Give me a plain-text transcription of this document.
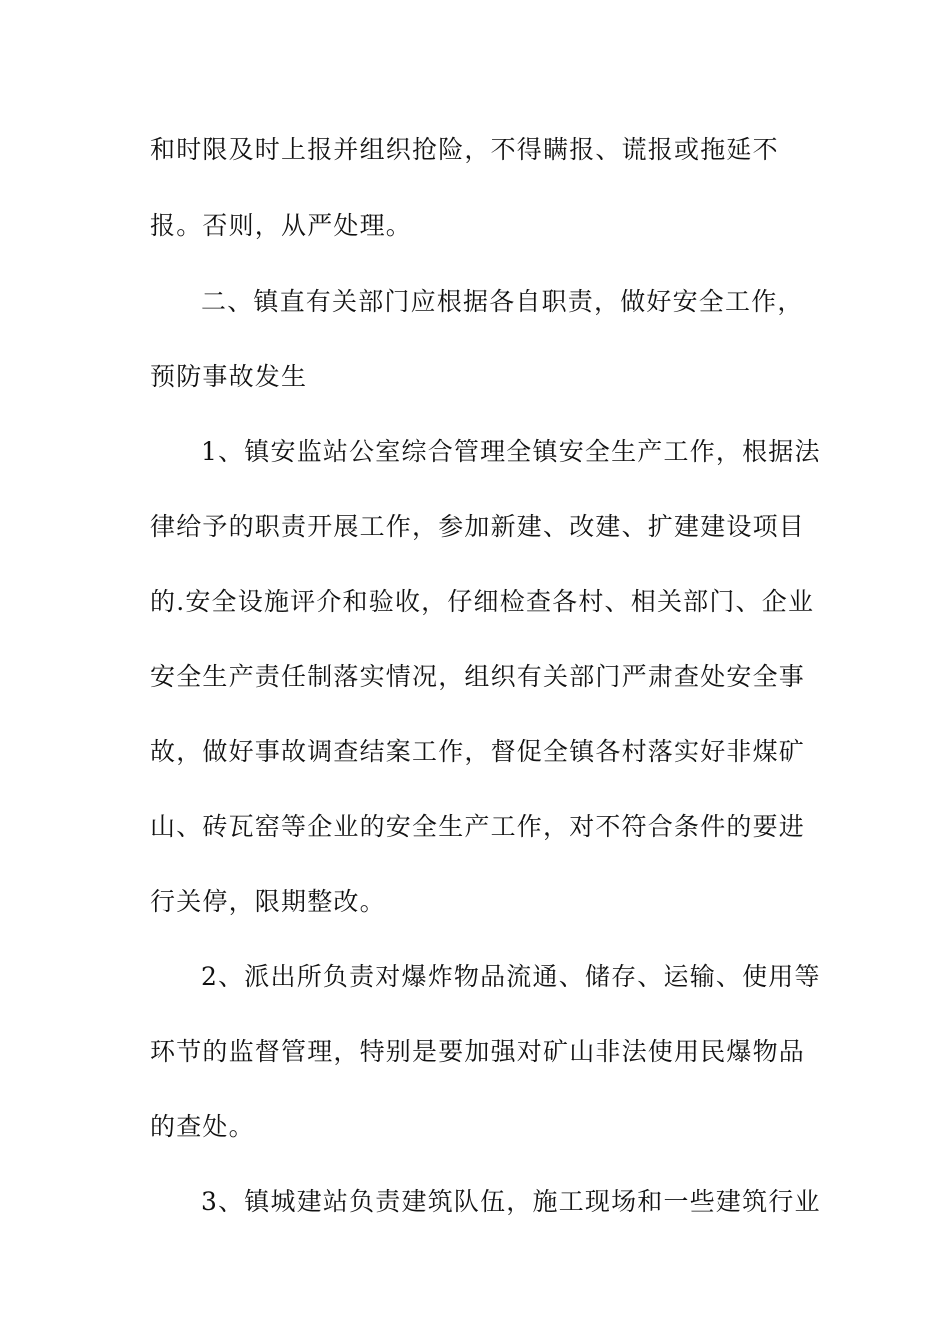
和时限及时上报并组织抢险，不得瞒报、谎报或拖延不
报。否则，从严处理。
二、镇直有关部门应根据各自职责，做好安全工作，
预防事故发生
1、镇安监站公室综合管理全镇安全生产工作，根据法
律给予的职责开展工作，参加新建、改建、扩建建设项目
的.安全设施评介和验收，仔细检查各村、相关部门、企业
安全生产责任制落实情况，组织有关部门严肃查处安全事
故，做好事故调查结案工作，督促全镇各村落实好非煤矿
山、砖瓦窑等企业的安全生产工作，对不符合条件的要进
行关停，限期整改。
2、派出所负责对爆炸物品流通、储存、运输、使用等
环节的监督管理，特别是要加强对矿山非法使用民爆物品
的查处。
3、镇城建站负责建筑队伍，施工现场和一些建筑行业
